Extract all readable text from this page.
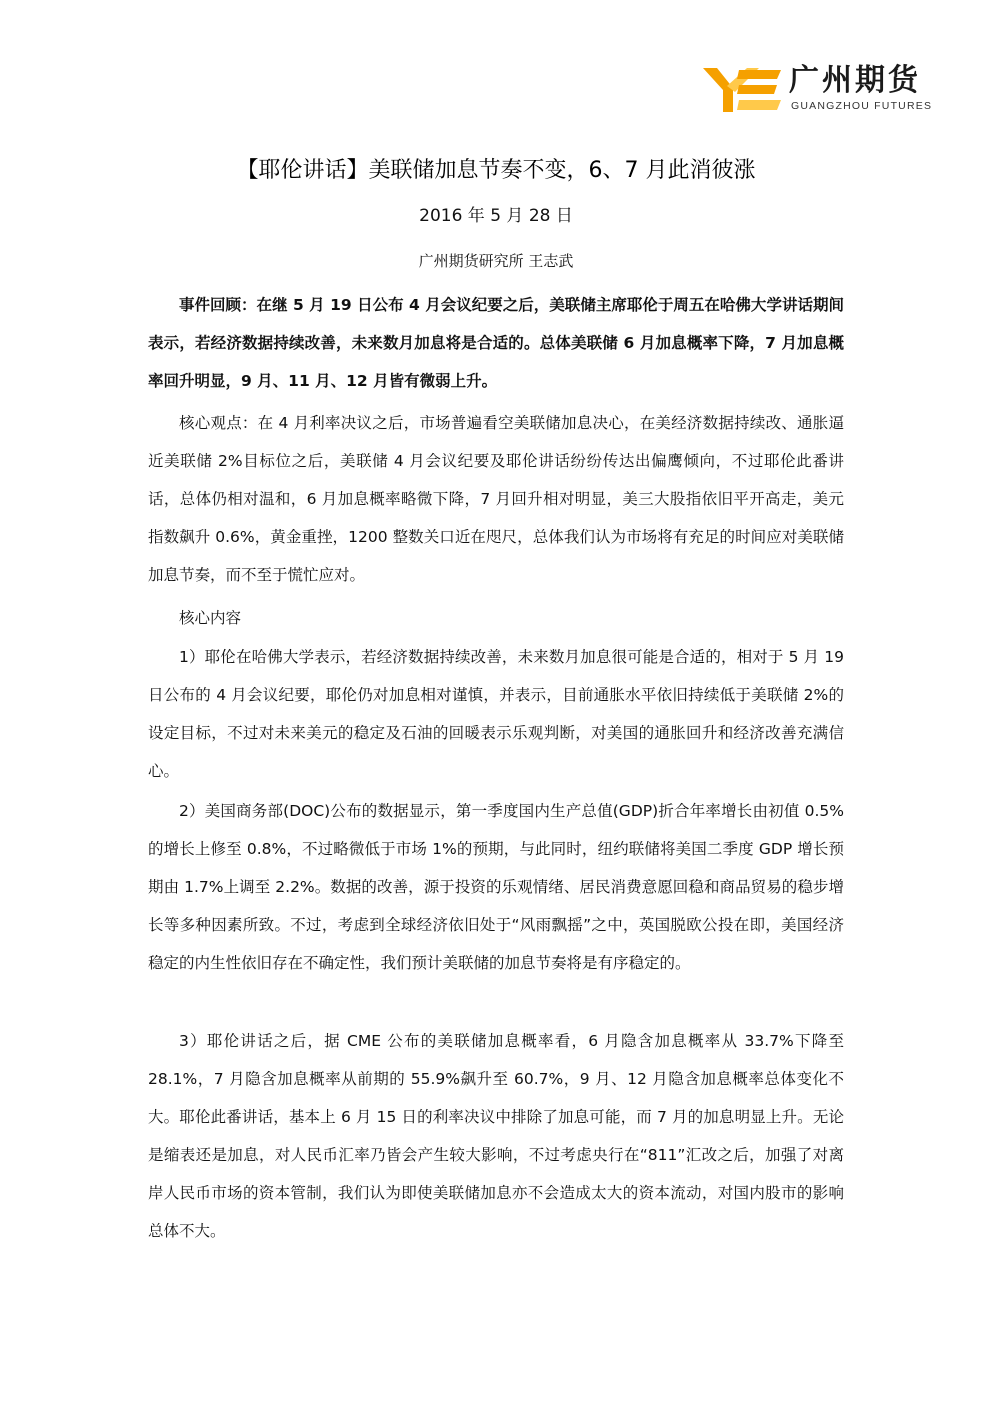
广州期货
GUANGZHOU FUTURES
【耶伦讲话】美联储加息节奏不变，6、7 月此消彼涨
2016 年 5 月 28 日
广州期货研究所 王志武

事件回顾：在继 5 月 19 日公布 4 月会议纪要之后，美联储主席耶伦于周五在哈佛大学讲话期间表示，若经济数据持续改善，未来数月加息将是合适的。总体美联储 6 月加息概率下降，7 月加息概率回升明显，9 月、11 月、12 月皆有微弱上升。

核心观点：在 4 月利率决议之后，市场普遍看空美联储加息决心，在美经济数据持续改、通胀逼近美联储 2%目标位之后，美联储 4 月会议纪要及耶伦讲话纷纷传达出偏鹰倾向，不过耶伦此番讲话，总体仍相对温和，6 月加息概率略微下降，7 月回升相对明显，美三大股指依旧平开高走，美元指数飙升 0.6%，黄金重挫，1200 整数关口近在咫尺，总体我们认为市场将有充足的时间应对美联储加息节奏，而不至于慌忙应对。

核心内容

1）耶伦在哈佛大学表示，若经济数据持续改善，未来数月加息很可能是合适的，相对于 5 月 19 日公布的 4 月会议纪要，耶伦仍对加息相对谨慎，并表示，目前通胀水平依旧持续低于美联储 2%的设定目标，不过对未来美元的稳定及石油的回暖表示乐观判断，对美国的通胀回升和经济改善充满信心。

2）美国商务部(DOC)公布的数据显示，第一季度国内生产总值(GDP)折合年率增长由初值 0.5%的增长上修至 0.8%，不过略微低于市场 1%的预期，与此同时，纽约联储将美国二季度 GDP 增长预期由 1.7%上调至 2.2%。数据的改善，源于投资的乐观情绪、居民消费意愿回稳和商品贸易的稳步增长等多种因素所致。不过，考虑到全球经济依旧处于“风雨飘摇”之中，英国脱欧公投在即，美国经济稳定的内生性依旧存在不确定性，我们预计美联储的加息节奏将是有序稳定的。

3）耶伦讲话之后，据 CME 公布的美联储加息概率看，6 月隐含加息概率从 33.7%下降至 28.1%，7 月隐含加息概率从前期的 55.9%飙升至 60.7%，9 月、12 月隐含加息概率总体变化不大。耶伦此番讲话，基本上 6 月 15 日的利率决议中排除了加息可能，而 7 月的加息明显上升。无论是缩表还是加息，对人民币汇率乃皆会产生较大影响，不过考虑央行在“811”汇改之后，加强了对离岸人民币市场的资本管制，我们认为即使美联储加息亦不会造成太大的资本流动，对国内股市的影响总体不大。
